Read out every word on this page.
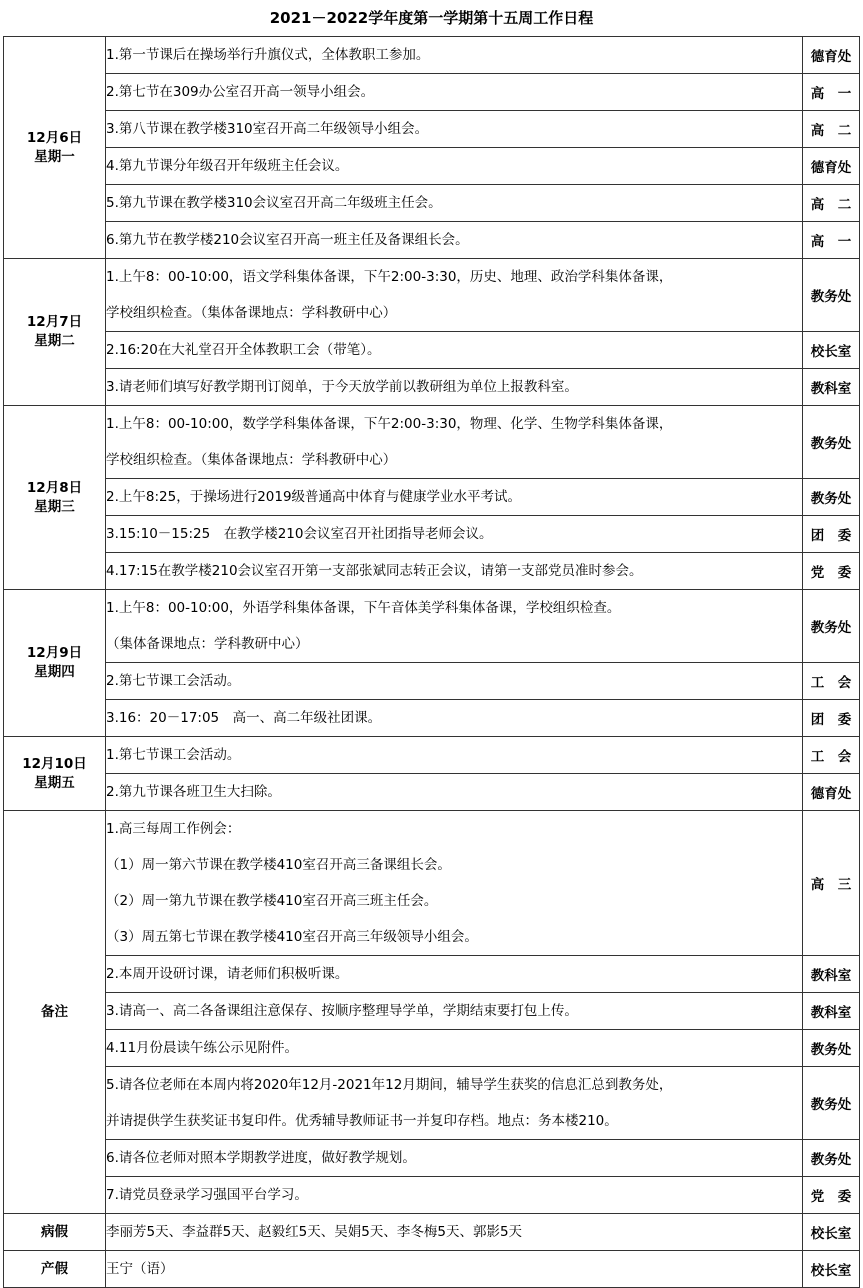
2021－2022学年度第一学期第十五周工作日程
12月6日
星期一	1.第一节课后在操场举行升旗仪式，全体教职工参加。	德育处

	2.第七节在309办公室召开高一领导小组会。	高　一

	3.第八节课在教学楼310室召开高二年级领导小组会。	高　二

	4.第九节课分年级召开年级班主任会议。	德育处

	5.第九节课在教学楼310会议室召开高二年级班主任会。	高　二

	6.第九节在教学楼210会议室召开高一班主任及备课组长会。	高　一

12月7日
星期二	1.上午8：00-10:00，语文学科集体备课，下午2:00-3:30，历史、地理、政治学科集体备课，
学校组织检查。（集体备课地点：学科教研中心）	教务处

	2.16:20在大礼堂召开全体教职工会（带笔）。	校长室

	3.请老师们填写好教学期刊订阅单，于今天放学前以教研组为单位上报教科室。	教科室

12月8日
星期三	1.上午8：00-10:00，数学学科集体备课，下午2:00-3:30，物理、化学、生物学科集体备课，
学校组织检查。（集体备课地点：学科教研中心）	教务处

	2.上午8:25，于操场进行2019级普通高中体育与健康学业水平考试。	教务处

	3.15:10－15:25　在教学楼210会议室召开社团指导老师会议。	团　委

	4.17:15在教学楼210会议室召开第一支部张斌同志转正会议，请第一支部党员准时参会。	党　委

12月9日
星期四	1.上午8：00-10:00，外语学科集体备课，下午音体美学科集体备课，学校组织检查。
（集体备课地点：学科教研中心）	教务处

	2.第七节课工会活动。	工　会

	3.16：20－17:05　高一、高二年级社团课。	团　委

12月10日
星期五	1.第七节课工会活动。	工　会

	2.第九节课各班卫生大扫除。	德育处

备注	1.高三每周工作例会：
（1）周一第六节课在教学楼410室召开高三备课组长会。
（2）周一第九节课在教学楼410室召开高三班主任会。
（3）周五第七节课在教学楼410室召开高三年级领导小组会。	高　三

	2.本周开设研讨课，请老师们积极听课。	教科室

	3.请高一、高二各备课组注意保存、按顺序整理导学单，学期结束要打包上传。	教科室

	4.11月份晨读午练公示见附件。	教务处

	5.请各位老师在本周内将2020年12月-2021年12月期间，辅导学生获奖的信息汇总到教务处，
并请提供学生获奖证书复印件。优秀辅导教师证书一并复印存档。地点：务本楼210。	教务处

	6.请各位老师对照本学期教学进度，做好教学规划。	教务处

	7.请党员登录学习强国平台学习。	党　委

病假	李丽芳5天、李益群5天、赵毅红5天、吴娟5天、李冬梅5天、郭影5天	校长室

产假	王宁（语）	校长室
